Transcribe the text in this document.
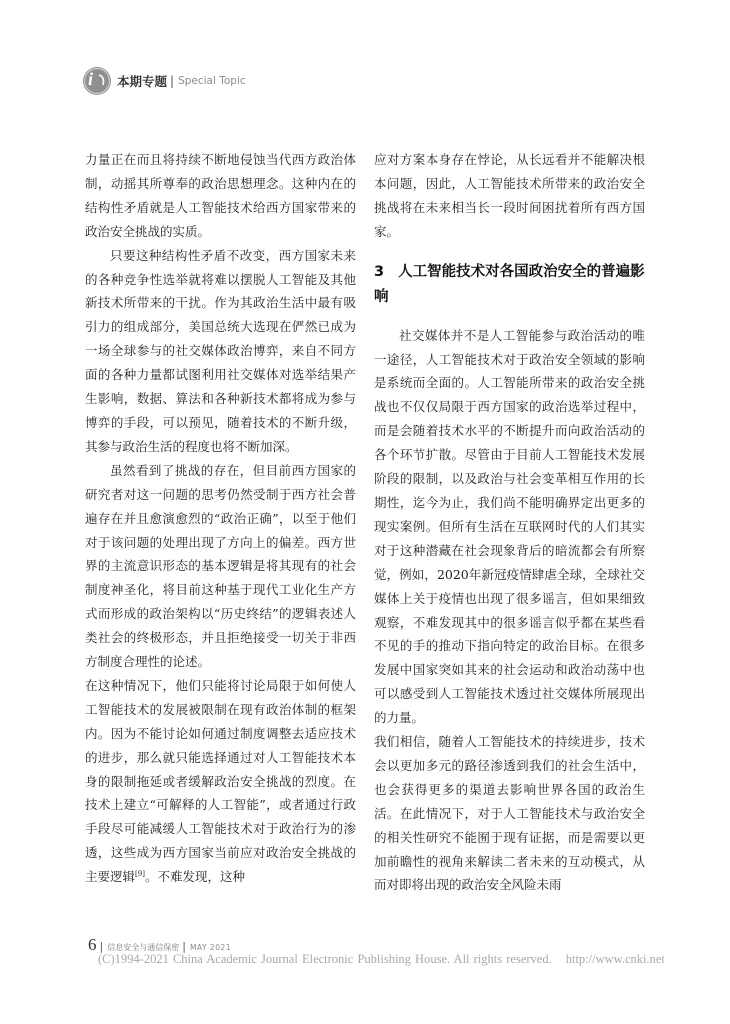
i 本期专题 | Special Topic

力量正在而且将持续不断地侵蚀当代西方政治体制，动摇其所尊奉的政治思想理念。这种内在的结构性矛盾就是人工智能技术给西方国家带来的政治安全挑战的实质。

只要这种结构性矛盾不改变，西方国家未来的各种竞争性选举就将难以摆脱人工智能及其他新技术所带来的干扰。作为其政治生活中最有吸引力的组成部分，美国总统大选现在俨然已成为一场全球参与的社交媒体政治博弈，来自不同方面的各种力量都试图利用社交媒体对选举结果产生影响，数据、算法和各种新技术都将成为参与博弈的手段，可以预见，随着技术的不断升级，其参与政治生活的程度也将不断加深。

虽然看到了挑战的存在，但目前西方国家的研究者对这一问题的思考仍然受制于西方社会普遍存在并且愈演愈烈的“政治正确”，以至于他们对于该问题的处理出现了方向上的偏差。西方世界的主流意识形态的基本逻辑是将其现有的社会制度神圣化，将目前这种基于现代工业化生产方式而形成的政治架构以“历史终结”的逻辑表述人类社会的终极形态，并且拒绝接受一切关于非西方制度合理性的论述。

在这种情况下，他们只能将讨论局限于如何使人工智能技术的发展被限制在现有政治体制的框架内。因为不能讨论如何通过制度调整去适应技术的进步，那么就只能选择通过对人工智能技术本身的限制拖延或者缓解政治安全挑战的烈度。在技术上建立“可解释的人工智能”，或者通过行政手段尽可能减缓人工智能技术对于政治行为的渗透，这些成为西方国家当前应对政治安全挑战的主要逻辑[9]。不难发现，这种

应对方案本身存在悖论，从长远看并不能解决根本问题，因此，人工智能技术所带来的政治安全挑战将在未来相当长一段时间困扰着所有西方国家。

3 人工智能技术对各国政治安全的普遍影响

社交媒体并不是人工智能参与政治活动的唯一途径，人工智能技术对于政治安全领域的影响是系统而全面的。人工智能所带来的政治安全挑战也不仅仅局限于西方国家的政治选举过程中，而是会随着技术水平的不断提升而向政治活动的各个环节扩散。尽管由于目前人工智能技术发展阶段的限制，以及政治与社会变革相互作用的长期性，迄今为止，我们尚不能明确界定出更多的现实案例。但所有生活在互联网时代的人们其实对于这种潜藏在社会现象背后的暗流都会有所察觉，例如，2020年新冠疫情肆虐全球，全球社交媒体上关于疫情也出现了很多谣言，但如果细致观察，不难发现其中的很多谣言似乎都在某些看不见的手的推动下指向特定的政治目标。在很多发展中国家突如其来的社会运动和政治动荡中也可以感受到人工智能技术透过社交媒体所展现出的力量。

我们相信，随着人工智能技术的持续进步，技术会以更加多元的路径渗透到我们的社会生活中，也会获得更多的渠道去影响世界各国的政治生活。在此情况下，对于人工智能技术与政治安全的相关性研究不能囿于现有证据，而是需要以更加前瞻性的视角来解读二者未来的互动模式，从而对即将出现的政治安全风险未雨

6 | 信息安全与通信保密 | MAY 2021
(C)1994-2021 China Academic Journal Electronic Publishing House. All rights reserved. http://www.cnki.net
